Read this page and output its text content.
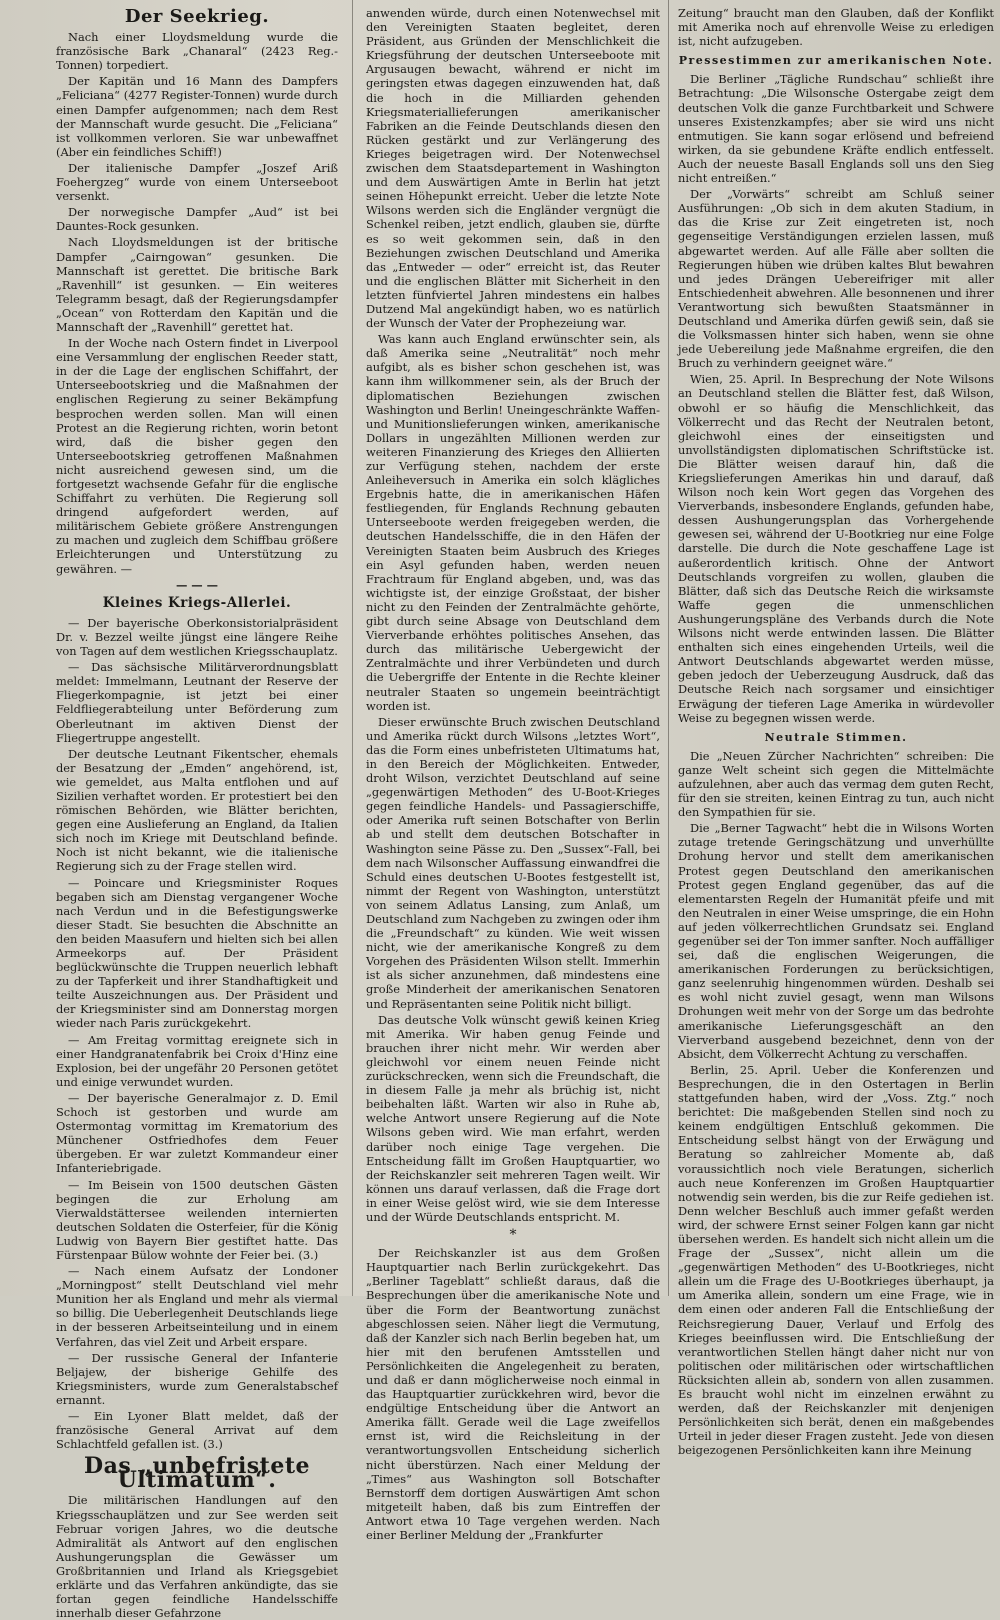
Der Seekrieg.

Nach einer Lloydsmeldung wurde die französische Bark „Chanaral“ (2423 Reg.-Tonnen) torpediert.

Der Kapitän und 16 Mann des Dampfers „Feliciana“ (4277 Register-Tonnen) wurde durch einen Dampfer aufgenommen; nach dem Rest der Mannschaft wurde gesucht. Die „Feliciana“ ist vollkommen verloren. Sie war unbewaffnet (Aber ein feindliches Schiff!)

Der italienische Dampfer „Joszef Ariß Foehergzeg“ wurde von einem Unterseeboot versenkt.

Der norwegische Dampfer „Aud“ ist bei Dauntes-Rock gesunken.

Nach Lloydsmeldungen ist der britische Dampfer „Cairngowan“ gesunken. Die Mannschaft ist gerettet. Die britische Bark „Ravenhill“ ist gesunken. — Ein weiteres Telegramm besagt, daß der Regierungsdampfer „Ocean“ von Rotterdam den Kapitän und die Mannschaft der „Ravenhill“ gerettet hat.

In der Woche nach Ostern findet in Liverpool eine Versammlung der englischen Reeder statt, in der die Lage der englischen Schiffahrt, der Unterseebootskrieg und die Maßnahmen der englischen Regierung zu seiner Bekämpfung besprochen werden sollen. Man will einen Protest an die Regierung richten, worin betont wird, daß die bisher gegen den Unterseebootskrieg getroffenen Maßnahmen nicht ausreichend gewesen sind, um die fortgesetzt wachsende Gefahr für die englische Schiffahrt zu verhüten. Die Regierung soll dringend aufgefordert werden, auf militärischem Gebiete größere Anstrengungen zu machen und zugleich dem Schiffbau größere Erleichterungen und Unterstützung zu gewähren. —

— — —
Kleines Kriegs-Allerlei.

— Der bayerische Oberkonsistorialpräsident Dr. v. Bezzel weilte jüngst eine längere Reihe von Tagen auf dem westlichen Kriegsschauplatz.

— Das sächsische Militärverordnungsblatt meldet: Immelmann, Leutnant der Reserve der Fliegerkompagnie, ist jetzt bei einer Feldfliegerabteilung unter Beförderung zum Oberleutnant im aktiven Dienst der Fliegertruppe angestellt.

Der deutsche Leutnant Fikentscher, ehemals der Besatzung der „Emden“ angehörend, ist, wie gemeldet, aus Malta entflohen und auf Sizilien verhaftet worden. Er protestiert bei den römischen Behörden, wie Blätter berichten, gegen eine Auslieferung an England, da Italien sich noch im Kriege mit Deutschland befinde. Noch ist nicht bekannt, wie die italienische Regierung sich zu der Frage stellen wird.

— Poincare und Kriegsminister Roques begaben sich am Dienstag vergangener Woche nach Verdun und in die Befestigungswerke dieser Stadt. Sie besuchten die Abschnitte an den beiden Maasufern und hielten sich bei allen Armeekorps auf. Der Präsident beglückwünschte die Truppen neuerlich lebhaft zu der Tapferkeit und ihrer Standhaftigkeit und teilte Auszeichnungen aus. Der Präsident und der Kriegsminister sind am Donnerstag morgen wieder nach Paris zurückgekehrt.

— Am Freitag vormittag ereignete sich in einer Handgranatenfabrik bei Croix d'Hinz eine Explosion, bei der ungefähr 20 Personen getötet und einige verwundet wurden.

— Der bayerische Generalmajor z. D. Emil Schoch ist gestorben und wurde am Ostermontag vormittag im Krematorium des Münchener Ostfriedhofes dem Feuer übergeben. Er war zuletzt Kommandeur einer Infanteriebrigade.

— Im Beisein von 1500 deutschen Gästen begingen die zur Erholung am Vierwaldstättersee weilenden internierten deutschen Soldaten die Osterfeier, für die König Ludwig von Bayern Bier gestiftet hatte. Das Fürstenpaar Bülow wohnte der Feier bei. (3.)

— Nach einem Aufsatz der Londoner „Morningpost“ stellt Deutschland viel mehr Munition her als England und mehr als viermal so billig. Die Ueberlegenheit Deutschlands liege in der besseren Arbeitseinteilung und in einem Verfahren, das viel Zeit und Arbeit erspare.

— Der russische General der Infanterie Beljajew, der bisherige Gehilfe des Kriegsministers, wurde zum Generalstabschef ernannt.

— Ein Lyoner Blatt meldet, daß der französische General Arrivat auf dem Schlachtfeld gefallen ist. (3.)

Das „unbefristete Ultimatum“.

Die militärischen Handlungen auf den Kriegsschauplätzen und zur See werden seit Februar vorigen Jahres, wo die deutsche Admiralität als Antwort auf den englischen Aushungerungsplan die Gewässer um Großbritannien und Irland als Kriegsgebiet erklärte und das Verfahren ankündigte, das sie fortan gegen feindliche Handelsschiffe innerhalb dieser Gefahrzone

anwenden würde, durch einen Notenwechsel mit den Vereinigten Staaten begleitet, deren Präsident, aus Gründen der Menschlichkeit die Kriegsführung der deutschen Unterseeboote mit Argusaugen bewacht, während er nicht im geringsten etwas dagegen einzuwenden hat, daß die hoch in die Milliarden gehenden Kriegsmateriallieferungen amerikanischer Fabriken an die Feinde Deutschlands diesen den Rücken gestärkt und zur Verlängerung des Krieges beigetragen wird. Der Notenwechsel zwischen dem Staatsdepartement in Washington und dem Auswärtigen Amte in Berlin hat jetzt seinen Höhepunkt erreicht. Ueber die letzte Note Wilsons werden sich die Engländer vergnügt die Schenkel reiben, jetzt endlich, glauben sie, dürfte es so weit gekommen sein, daß in den Beziehungen zwischen Deutschland und Amerika das „Entweder — oder“ erreicht ist, das Reuter und die englischen Blätter mit Sicherheit in den letzten fünfviertel Jahren mindestens ein halbes Dutzend Mal angekündigt haben, wo es natürlich der Wunsch der Vater der Prophezeiung war.

Was kann auch England erwünschter sein, als daß Amerika seine „Neutralität“ noch mehr aufgibt, als es bisher schon geschehen ist, was kann ihm willkommener sein, als der Bruch der diplomatischen Beziehungen zwischen Washington und Berlin! Uneingeschränkte Waffen- und Munitionslieferungen winken, amerikanische Dollars in ungezählten Millionen werden zur weiteren Finanzierung des Krieges den Alliierten zur Verfügung stehen, nachdem der erste Anleiheversuch in Amerika ein solch klägliches Ergebnis hatte, die in amerikanischen Häfen festliegenden, für Englands Rechnung gebauten Unterseeboote werden freigegeben werden, die deutschen Handelsschiffe, die in den Häfen der Vereinigten Staaten beim Ausbruch des Krieges ein Asyl gefunden haben, werden neuen Frachtraum für England abgeben, und, was das wichtigste ist, der einzige Großstaat, der bisher nicht zu den Feinden der Zentralmächte gehörte, gibt durch seine Absage von Deutschland dem Vierverbande erhöhtes politisches Ansehen, das durch das militärische Uebergewicht der Zentralmächte und ihrer Verbündeten und durch die Uebergriffe der Entente in die Rechte kleiner neutraler Staaten so ungemein beeinträchtigt worden ist.

Dieser erwünschte Bruch zwischen Deutschland und Amerika rückt durch Wilsons „letztes Wort“, das die Form eines unbefristeten Ultimatums hat, in den Bereich der Möglichkeiten. Entweder, droht Wilson, verzichtet Deutschland auf seine „gegenwärtigen Methoden“ des U-Boot-Krieges gegen feindliche Handels- und Passagierschiffe, oder Amerika ruft seinen Botschafter von Berlin ab und stellt dem deutschen Botschafter in Washington seine Pässe zu. Den „Sussex“-Fall, bei dem nach Wilsonscher Auffassung einwandfrei die Schuld eines deutschen U-Bootes festgestellt ist, nimmt der Regent von Washington, unterstützt von seinem Adlatus Lansing, zum Anlaß, um Deutschland zum Nachgeben zu zwingen oder ihm die „Freundschaft“ zu künden. Wie weit wissen nicht, wie der amerikanische Kongreß zu dem Vorgehen des Präsidenten Wilson stellt. Immerhin ist als sicher anzunehmen, daß mindestens eine große Minderheit der amerikanischen Senatoren und Repräsentanten seine Politik nicht billigt.

Das deutsche Volk wünscht gewiß keinen Krieg mit Amerika. Wir haben genug Feinde und brauchen ihrer nicht mehr. Wir werden aber gleichwohl vor einem neuen Feinde nicht zurückschrecken, wenn sich die Freundschaft, die in diesem Falle ja mehr als brüchig ist, nicht beibehalten läßt. Warten wir also in Ruhe ab, welche Antwort unsere Regierung auf die Note Wilsons geben wird. Wie man erfahrt, werden darüber noch einige Tage vergehen. Die Entscheidung fällt im Großen Hauptquartier, wo der Reichskanzler seit mehreren Tagen weilt. Wir können uns darauf verlassen, daß die Frage dort in einer Weise gelöst wird, wie sie dem Interesse und der Würde Deutschlands entspricht. M.

*

Der Reichskanzler ist aus dem Großen Hauptquartier nach Berlin zurückgekehrt. Das „Berliner Tageblatt“ schließt daraus, daß die Besprechungen über die amerikanische Note und über die Form der Beantwortung zunächst abgeschlossen seien. Näher liegt die Vermutung, daß der Kanzler sich nach Berlin begeben hat, um hier mit den berufenen Amtsstellen und Persönlichkeiten die Angelegenheit zu beraten, und daß er dann möglicherweise noch einmal in das Hauptquartier zurückkehren wird, bevor die endgültige Entscheidung über die Antwort an Amerika fällt. Gerade weil die Lage zweifellos ernst ist, wird die Reichsleitung in der verantwortungsvollen Entscheidung sicherlich nicht überstürzen. Nach einer Meldung der „Times“ aus Washington soll Botschafter Bernstorff dem dortigen Auswärtigen Amt schon mitgeteilt haben, daß bis zum Eintreffen der Antwort etwa 10 Tage vergehen werden. Nach einer Berliner Meldung der „Frankfurter

Zeitung“ braucht man den Glauben, daß der Konflikt mit Amerika noch auf ehrenvolle Weise zu erledigen ist, nicht aufzugeben.

Pressestimmen zur amerikanischen Note.

Die Berliner „Tägliche Rundschau“ schließt ihre Betrachtung: „Die Wilsonsche Ostergabe zeigt dem deutschen Volk die ganze Furchtbarkeit und Schwere unseres Existenzkampfes; aber sie wird uns nicht entmutigen. Sie kann sogar erlösend und befreiend wirken, da sie gebundene Kräfte endlich entfesselt. Auch der neueste Basall Englands soll uns den Sieg nicht entreißen.“

Der „Vorwärts“ schreibt am Schluß seiner Ausführungen: „Ob sich in dem akuten Stadium, in das die Krise zur Zeit eingetreten ist, noch gegenseitige Verständigungen erzielen lassen, muß abgewartet werden. Auf alle Fälle aber sollten die Regierungen hüben wie drüben kaltes Blut bewahren und jedes Drängen Uebereifriger mit aller Entschiedenheit abwehren. Alle besonnenen und ihrer Verantwortung sich bewußten Staatsmänner in Deutschland und Amerika dürfen gewiß sein, daß sie die Volksmassen hinter sich haben, wenn sie ohne jede Uebereilung jede Maßnahme ergreifen, die den Bruch zu verhindern geeignet wäre.“

Wien, 25. April. In Besprechung der Note Wilsons an Deutschland stellen die Blätter fest, daß Wilson, obwohl er so häufig die Menschlichkeit, das Völkerrecht und das Recht der Neutralen betont, gleichwohl eines der einseitigsten und unvollständigsten diplomatischen Schriftstücke ist. Die Blätter weisen darauf hin, daß die Kriegslieferungen Amerikas hin und darauf, daß Wilson noch kein Wort gegen das Vorgehen des Vierverbands, insbesondere Englands, gefunden habe, dessen Aushungerungsplan das Vorhergehende gewesen sei, während der U-Bootkrieg nur eine Folge darstelle. Die durch die Note geschaffene Lage ist außerordentlich kritisch. Ohne der Antwort Deutschlands vorgreifen zu wollen, glauben die Blätter, daß sich das Deutsche Reich die wirksamste Waffe gegen die unmenschlichen Aushungerungspläne des Verbands durch die Note Wilsons nicht werde entwinden lassen. Die Blätter enthalten sich eines eingehenden Urteils, weil die Antwort Deutschlands abgewartet werden müsse, geben jedoch der Ueberzeugung Ausdruck, daß das Deutsche Reich nach sorgsamer und einsichtiger Erwägung der tieferen Lage Amerika in würdevoller Weise zu begegnen wissen werde.

Neutrale Stimmen.

Die „Neuen Zürcher Nachrichten“ schreiben: Die ganze Welt scheint sich gegen die Mittelmächte aufzulehnen, aber auch das vermag dem guten Recht, für den sie streiten, keinen Eintrag zu tun, auch nicht den Sympathien für sie.

Die „Berner Tagwacht“ hebt die in Wilsons Worten zutage tretende Geringschätzung und unverhüllte Drohung hervor und stellt dem amerikanischen Protest gegen Deutschland den amerikanischen Protest gegen England gegenüber, das auf die elementarsten Regeln der Humanität pfeife und mit den Neutralen in einer Weise umspringe, die ein Hohn auf jeden völkerrechtlichen Grundsatz sei. England gegenüber sei der Ton immer sanfter. Noch auffälliger sei, daß die englischen Weigerungen, die amerikanischen Forderungen zu berücksichtigen, ganz seelenruhig hingenommen würden. Deshalb sei es wohl nicht zuviel gesagt, wenn man Wilsons Drohungen weit mehr von der Sorge um das bedrohte amerikanische Lieferungsgeschäft an den Vierverband ausgebend bezeichnet, denn von der Absicht, dem Völkerrecht Achtung zu verschaffen.

Berlin, 25. April. Ueber die Konferenzen und Besprechungen, die in den Ostertagen in Berlin stattgefunden haben, wird der „Voss. Ztg.“ noch berichtet: Die maßgebenden Stellen sind noch zu keinem endgültigen Entschluß gekommen. Die Entscheidung selbst hängt von der Erwägung und Beratung so zahlreicher Momente ab, daß voraussichtlich noch viele Beratungen, sicherlich auch neue Konferenzen im Großen Hauptquartier notwendig sein werden, bis die zur Reife gediehen ist. Denn welcher Beschluß auch immer gefaßt werden wird, der schwere Ernst seiner Folgen kann gar nicht übersehen werden. Es handelt sich nicht allein um die Frage der „Sussex“, nicht allein um die „gegenwärtigen Methoden“ des U-Bootkrieges, nicht allein um die Frage des U-Bootkrieges überhaupt, ja um Amerika allein, sondern um eine Frage, wie in dem einen oder anderen Fall die Entschließung der Reichsregierung Dauer, Verlauf und Erfolg des Krieges beeinflussen wird. Die Entschließung der verantwortlichen Stellen hängt daher nicht nur von politischen oder militärischen oder wirtschaftlichen Rücksichten allein ab, sondern von allen zusammen. Es braucht wohl nicht im einzelnen erwähnt zu werden, daß der Reichskanzler mit denjenigen Persönlichkeiten sich berät, denen ein maßgebendes Urteil in jeder dieser Fragen zusteht. Jede von diesen beigezogenen Persönlichkeiten kann ihre Meinung
